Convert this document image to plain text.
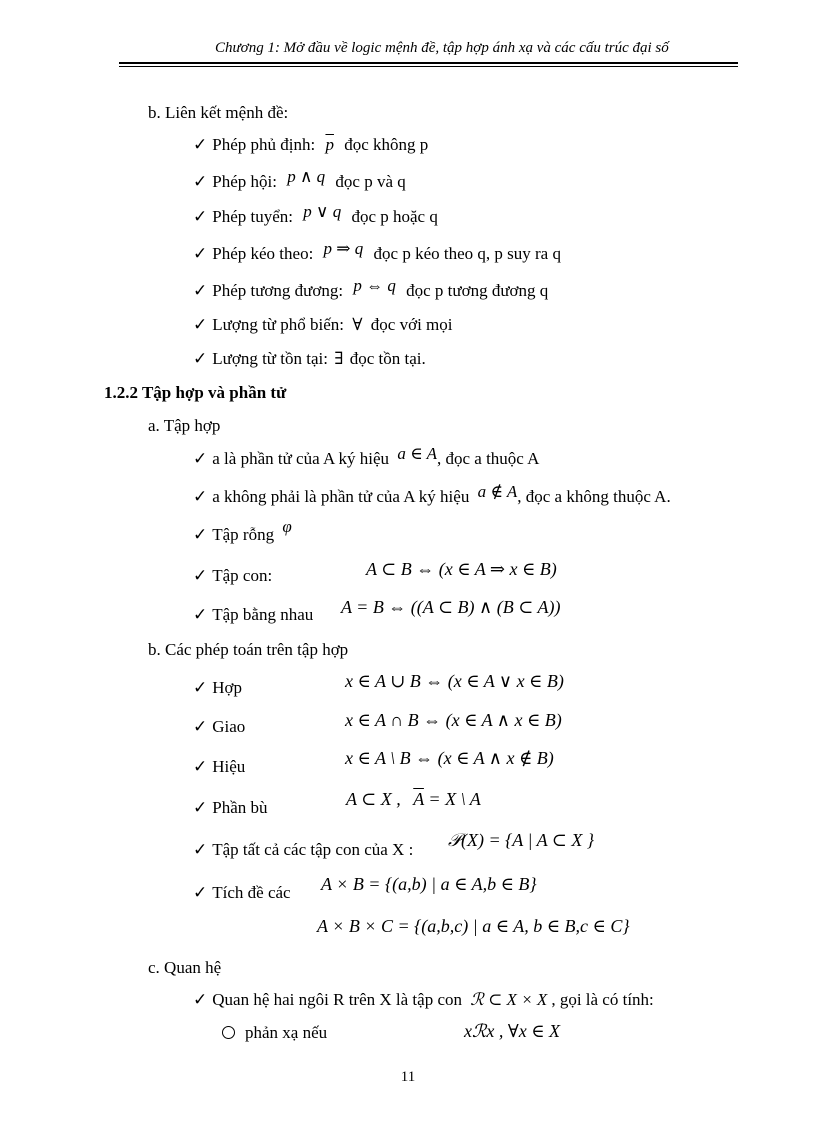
Chương 1: Mở đầu về logic mệnh đề, tập hợp ánh xạ và các cấu trúc đại số
b. Liên kết mệnh đề:
✓ Phép phủ định: $\overline{p}$ đọc không p
✓ Phép hội: p ∧ q đọc p và q
✓ Phép tuyển: p ∨ q đọc p hoặc q
✓ Phép kéo theo: p ⇒ q đọc p kéo theo q, p suy ra q
✓ Phép tương đương: p ⇔ q đọc p tương đương q
✓ Lượng từ phổ biến: ∀ đọc với mọi
✓ Lượng từ tồn tại: ∃ đọc tồn tại.
1.2.2 Tập hợp và phần tử
a. Tập hợp
✓ a là phần tử của A ký hiệu a ∈ A, đọc a thuộc A
✓ a không phải là phần tử của A ký hiệu a ∉ A, đọc a không thuộc A.
✓ Tập rỗng φ
✓ Tập con:	A ⊂ B ⇔ (x ∈ A ⇒ x ∈ B)
✓ Tập bằng nhau A = B ⇔ ((A ⊂ B) ∧ (B ⊂ A))
b. Các phép toán trên tập hợp
✓ Hợp	x ∈ A ∪ B ⇔ (x ∈ A ∨ x ∈ B)
✓ Giao	x ∈ A ∩ B ⇔ (x ∈ A ∧ x ∈ B)
✓ Hiệu	x ∈ A \ B ⇔ (x ∈ A ∧ x ∉ B)
✓ Phần bù	A ⊂ X , $\overline{A} = X$ \ A
✓ Tập tất cả các tập con của X : 𝒫(X) = {A | A ⊂ X }
✓ Tích đề các A × B = {(a,b) | a ∈ A,b ∈ B}
A × B × C = {(a,b,c) | a ∈ A, b ∈ B,c ∈ C}
c. Quan hệ
✓ Quan hệ hai ngôi R trên X là tập con ℛ ⊂ X × X , gọi là có tính:
phản xạ nếu	xℛx , ∀x ∈ X
11
